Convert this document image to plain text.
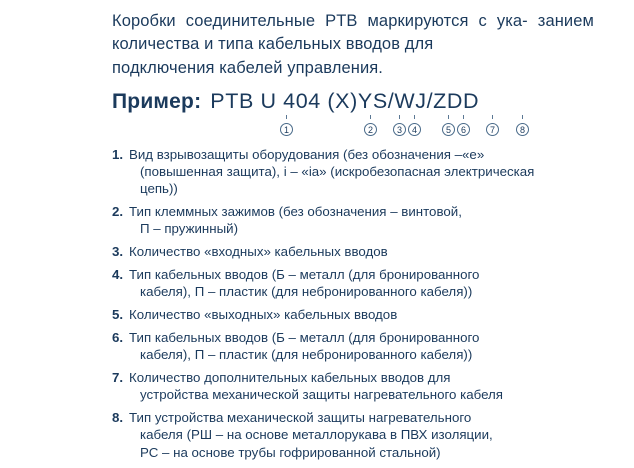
Коробки соединительные PTB маркируются с ука- занием количества и типа кабельных вводов для
подключения кабелей управления.

Пример: PTB U 404 (X)YS/WJ/ZDD
1	2	3	4	5	6	7	8
1. Вид взрывозащиты оборудования (без обозначения –«е»
(повышенная защита), i – «ia» (искробезопасная электрическая
цепь))
2. Тип клеммных зажимов (без обозначения – винтовой,
П – пружинный)
3. Количество «входных» кабельных вводов
4. Тип кабельных вводов (Б – металл (для бронированного
кабеля), П – пластик (для небронированного кабеля))
5. Количество «выходных» кабельных вводов
6. Тип кабельных вводов (Б – металл (для бронированного
кабеля), П – пластик (для небронированного кабеля))
7. Количество дополнительных кабельных вводов для
устройства механической защиты нагревательного кабеля
8. Тип устройства механической защиты нагревательного
кабеля (РШ – на основе металлорукава в ПВХ изоляции,
РС – на основе трубы гофрированной стальной)
